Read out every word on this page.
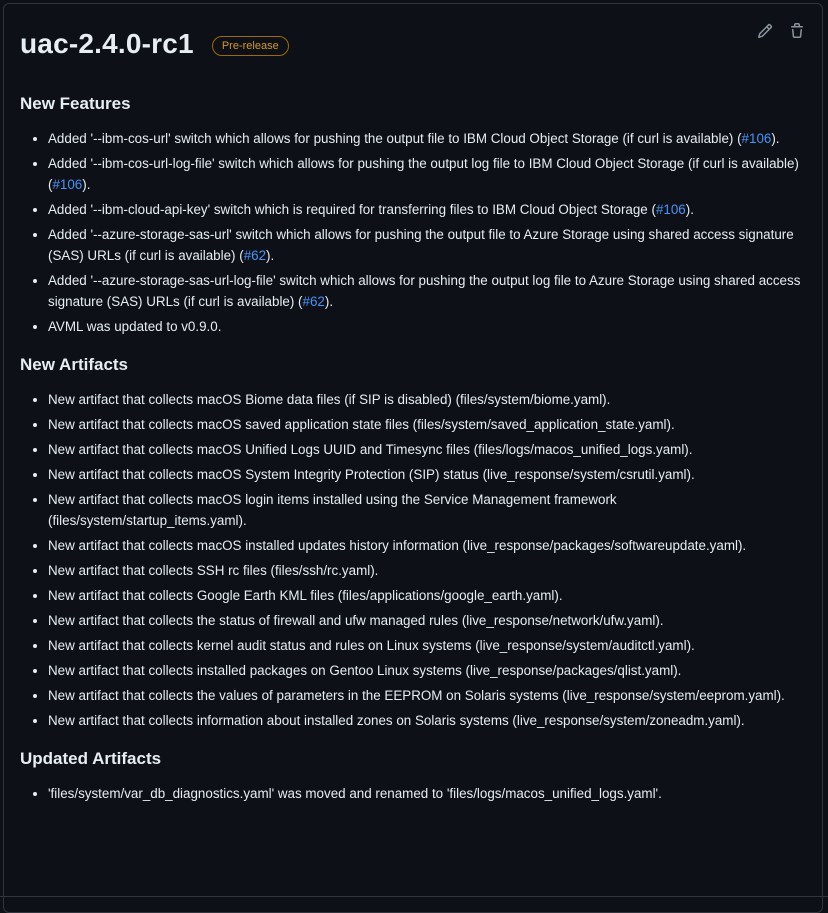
uac-2.4.0-rc1	Pre-release
New Features
• Added '--ibm-cos-url' switch which allows for pushing the output file to IBM Cloud Object Storage (if curl is available) (#106).
• Added '--ibm-cos-url-log-file' switch which allows for pushing the output log file to IBM Cloud Object Storage (if curl is available) (#106).
• Added '--ibm-cloud-api-key' switch which is required for transferring files to IBM Cloud Object Storage (#106).
• Added '--azure-storage-sas-url' switch which allows for pushing the output file to Azure Storage using shared access signature (SAS) URLs (if curl is available) (#62).
• Added '--azure-storage-sas-url-log-file' switch which allows for pushing the output log file to Azure Storage using shared access signature (SAS) URLs (if curl is available) (#62).
• AVML was updated to v0.9.0.
New Artifacts
• New artifact that collects macOS Biome data files (if SIP is disabled) (files/system/biome.yaml).
• New artifact that collects macOS saved application state files (files/system/saved_application_state.yaml).
• New artifact that collects macOS Unified Logs UUID and Timesync files (files/logs/macos_unified_logs.yaml).
• New artifact that collects macOS System Integrity Protection (SIP) status (live_response/system/csrutil.yaml).
• New artifact that collects macOS login items installed using the Service Management framework (files/system/startup_items.yaml).
• New artifact that collects macOS installed updates history information (live_response/packages/softwareupdate.yaml).
• New artifact that collects SSH rc files (files/ssh/rc.yaml).
• New artifact that collects Google Earth KML files (files/applications/google_earth.yaml).
• New artifact that collects the status of firewall and ufw managed rules (live_response/network/ufw.yaml).
• New artifact that collects kernel audit status and rules on Linux systems (live_response/system/auditctl.yaml).
• New artifact that collects installed packages on Gentoo Linux systems (live_response/packages/qlist.yaml).
• New artifact that collects the values of parameters in the EEPROM on Solaris systems (live_response/system/eeprom.yaml).
• New artifact that collects information about installed zones on Solaris systems (live_response/system/zoneadm.yaml).
Updated Artifacts
• 'files/system/var_db_diagnostics.yaml' was moved and renamed to 'files/logs/macos_unified_logs.yaml'.
